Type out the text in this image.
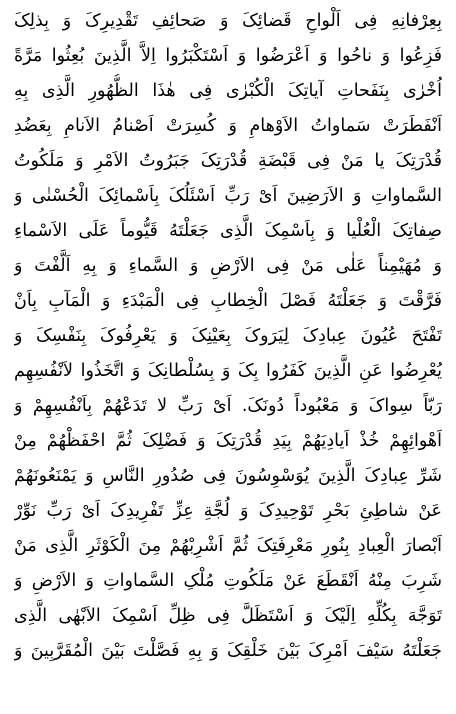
بِعِرْفانِهِ فِی اَلْواحِ قَضائِکَ وَ صَحائِفِ تَقْدِیرِکَ وَ بِذلِکَ
فَزِعُوا وَ ناحُوا وَ اَعْرَضُوا وَ اَسْتَکْبَرُوا اِلاَّ الَّذِینَ بُعِثُوا مَرَّةً
اُخْرٰی بِنَفَحاتِ آیاتِکَ الْکُبْرٰی فِی هٰذَا الظُّهُورِ الَّذِی بِهِ
اَنْفَطَرَتْ سَماواتُ الاَوْهامِ وَ کُسِرَتْ اَصْنامُ الاَنامِ بِعَضُدِ
قُدْرَتِکَ یا مَنْ فِی قَبْضَةِ قُدْرَتِکَ جَبَرُوتُ الاَمْرِ وَ مَلَکُوتُ
السَّماواتِ وَ الاَرَضِینَ اَیْ رَبِّ اَسْئَلُکَ بِاَسْمائِکَ الْحُسْنٰی وَ
صِفاتِکَ الْعُلْیا وَ بِاَسْمِکَ الَّذِی جَعَلْتَهُ قَیُّوماً عَلَی الاَسْماءِ
وَ مُهَیْمِناً عَلٰی مَنْ فِی الاَرْضِ وَ السَّماءِ وَ بِهِ اَلَّفْتَ وَ
فَرَّقْتَ وَ جَعَلْتَهُ فَصْلَ الْخِطابِ فِی الْمَبْدَءِ وَ الْمَآبِ بِاَنْ
تَفْتَحَ عُیُونَ عِبادِکَ لِیَرَوکَ بِعَیْنِکَ وَ یَعْرِفُوکَ بِنَفْسِکَ وَ
یُعْرِضُوا عَنِ الَّذِینَ کَفَرُوا بِکَ وَ بِسُلْطانِکَ وَ اتَّخَذُوا لاَنْفُسِهِم
رَبّاً سِواکَ وَ مَعْبُوداً دُونَکَ. اَیْ رَبِّ لا تَدَعْهُمْ بِاَنْفُسِهِمْ وَ
اَهْوائِهِمْ خُذْ اَیادِیَهُمْ بِیَدِ قُدْرَتِکَ وَ فَضْلِکَ ثُمَّ احْفَظْهُمْ مِنْ
شَرِّ عِبادِکَ الَّذِینَ یُوَسْوِسُونَ فِی صُدُورِ النَّاسِ وَ یَمْنَعُونَهُمْ
عَنْ شاطِئِ بَحْرِ تَوْحِیدِکَ وَ لُجَّةِ عِزِّ تَفْرِیدِکَ اَیْ رَبِّ نَوِّرْ
اَبْصارَ الْعِبادِ بِنُورِ مَعْرِفَتِکَ ثُمَّ اَشْرِبْهُمْ مِنَ الْکَوْثَرِ الَّذِی مَنْ
شَرِبَ مِنْهُ اَنْقَطَعَ عَنْ مَلَکُوتِ مُلْکِ السَّماواتِ وَ الاَرْضِ وَ
تَوَجَّهَ بِکُلِّهِ اِلَیْکَ وَ اَسْتَظَلَّ فِی ظِلِّ اَسْمِکَ الاَبْهٰی الَّذِی
جَعَلْتَهُ سَیْفَ اَمْرِکَ بَیْنَ خَلْقِکَ وَ بِهِ فَصَّلْتَ بَیْنَ الْمُقَرَّبِینَ وَ
